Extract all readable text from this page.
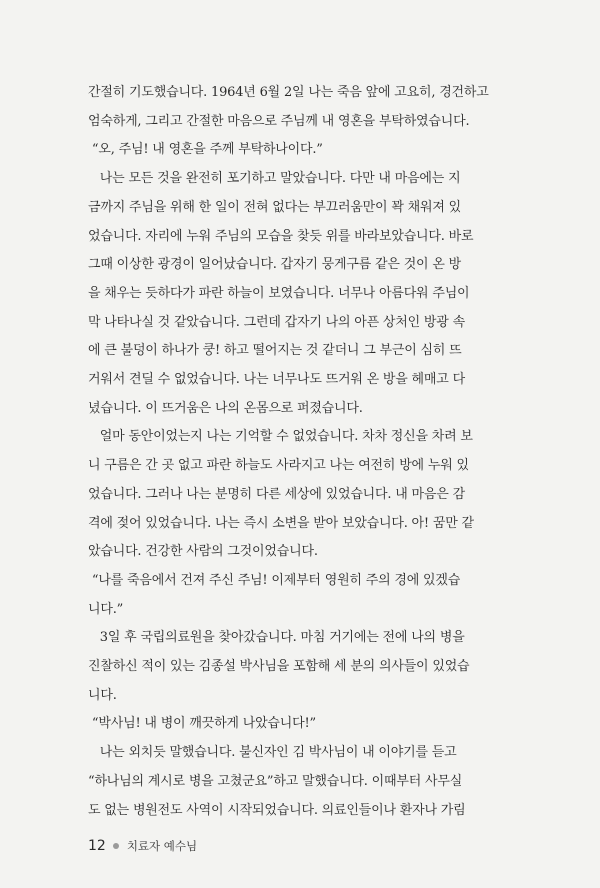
간절히 기도했습니다. 1964년 6월 2일 나는 죽음 앞에 고요히, 경건하고

엄숙하게, 그리고 간절한 마음으로 주님께 내 영혼을 부탁하였습니다.

“오, 주님! 내 영혼을 주께 부탁하나이다.”

나는 모든 것을 완전히 포기하고 말았습니다. 다만 내 마음에는 지

금까지 주님을 위해 한 일이 전혀 없다는 부끄러움만이 꽉 채워져 있

었습니다. 자리에 누워 주님의 모습을 찾듯 위를 바라보았습니다. 바로

그때 이상한 광경이 일어났습니다. 갑자기 뭉게구름 같은 것이 온 방

을 채우는 듯하다가 파란 하늘이 보였습니다. 너무나 아름다워 주님이

막 나타나실 것 같았습니다. 그런데 갑자기 나의 아픈 상처인 방광 속

에 큰 불덩이 하나가 쿵! 하고 떨어지는 것 같더니 그 부근이 심히 뜨

거워서 견딜 수 없었습니다. 나는 너무나도 뜨거워 온 방을 헤매고 다

녔습니다. 이 뜨거움은 나의 온몸으로 퍼졌습니다.

얼마 동안이었는지 나는 기억할 수 없었습니다. 차차 정신을 차려 보

니 구름은 간 곳 없고 파란 하늘도 사라지고 나는 여전히 방에 누워 있

었습니다. 그러나 나는 분명히 다른 세상에 있었습니다. 내 마음은 감

격에 젖어 있었습니다. 나는 즉시 소변을 받아 보았습니다. 아! 꿈만 같

았습니다. 건강한 사람의 그것이었습니다.

“나를 죽음에서 건져 주신 주님! 이제부터 영원히 주의 경에 있겠습

니다.”

3일 후 국립의료원을 찾아갔습니다. 마침 거기에는 전에 나의 병을

진찰하신 적이 있는 김종설 박사님을 포함해 세 분의 의사들이 있었습

니다.

“박사님! 내 병이 깨끗하게 나았습니다!”

나는 외치듯 말했습니다. 불신자인 김 박사님이 내 이야기를 듣고

“하나님의 계시로 병을 고쳤군요”하고 말했습니다. 이때부터 사무실

도 없는 병원전도 사역이 시작되었습니다. 의료인들이나 환자나 가림

12 치료자 예수님
